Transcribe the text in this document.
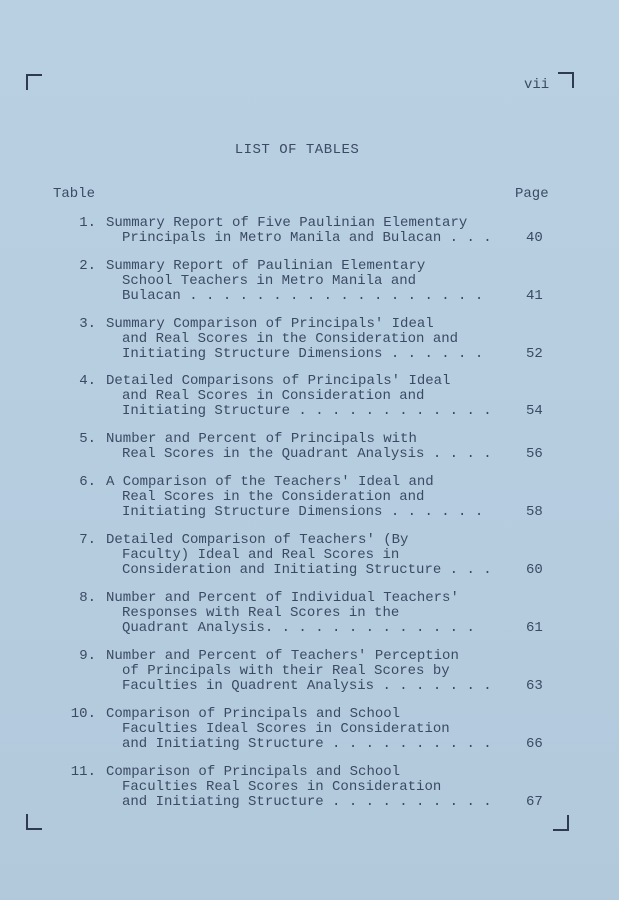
vii
LIST OF TABLES
Table	Page
1. Summary Report of Five Paulinian Elementary
Principals in Metro Manila and Bulacan . . .	40
2. Summary Report of Paulinian Elementary
School Teachers in Metro Manila and
Bulacan . . . . . . . . . . . . . . . . . .	41
3. Summary Comparison of Principals' Ideal
and Real Scores in the Consideration and
Initiating Structure Dimensions . . . . . .	52
4. Detailed Comparisons of Principals' Ideal
and Real Scores in Consideration and
Initiating Structure . . . . . . . . . . . .	54
5. Number and Percent of Principals with
Real Scores in the Quadrant Analysis . . . .	56
6. A Comparison of the Teachers' Ideal and
Real Scores in the Consideration and
Initiating Structure Dimensions . . . . . .	58
7. Detailed Comparison of Teachers' (By
Faculty) Ideal and Real Scores in
Consideration and Initiating Structure . . .	60
8. Number and Percent of Individual Teachers'
Responses with Real Scores in the
Quadrant Analysis. . . . . . . . . . . . .	61
9. Number and Percent of Teachers' Perception
of Principals with their Real Scores by
Faculties in Quadrent Analysis . . . . . . .	63
10. Comparison of Principals and School
Faculties Ideal Scores in Consideration
and Initiating Structure . . . . . . . . . .	66
11. Comparison of Principals and School
Faculties Real Scores in Consideration
and Initiating Structure . . . . . . . . . .	67
